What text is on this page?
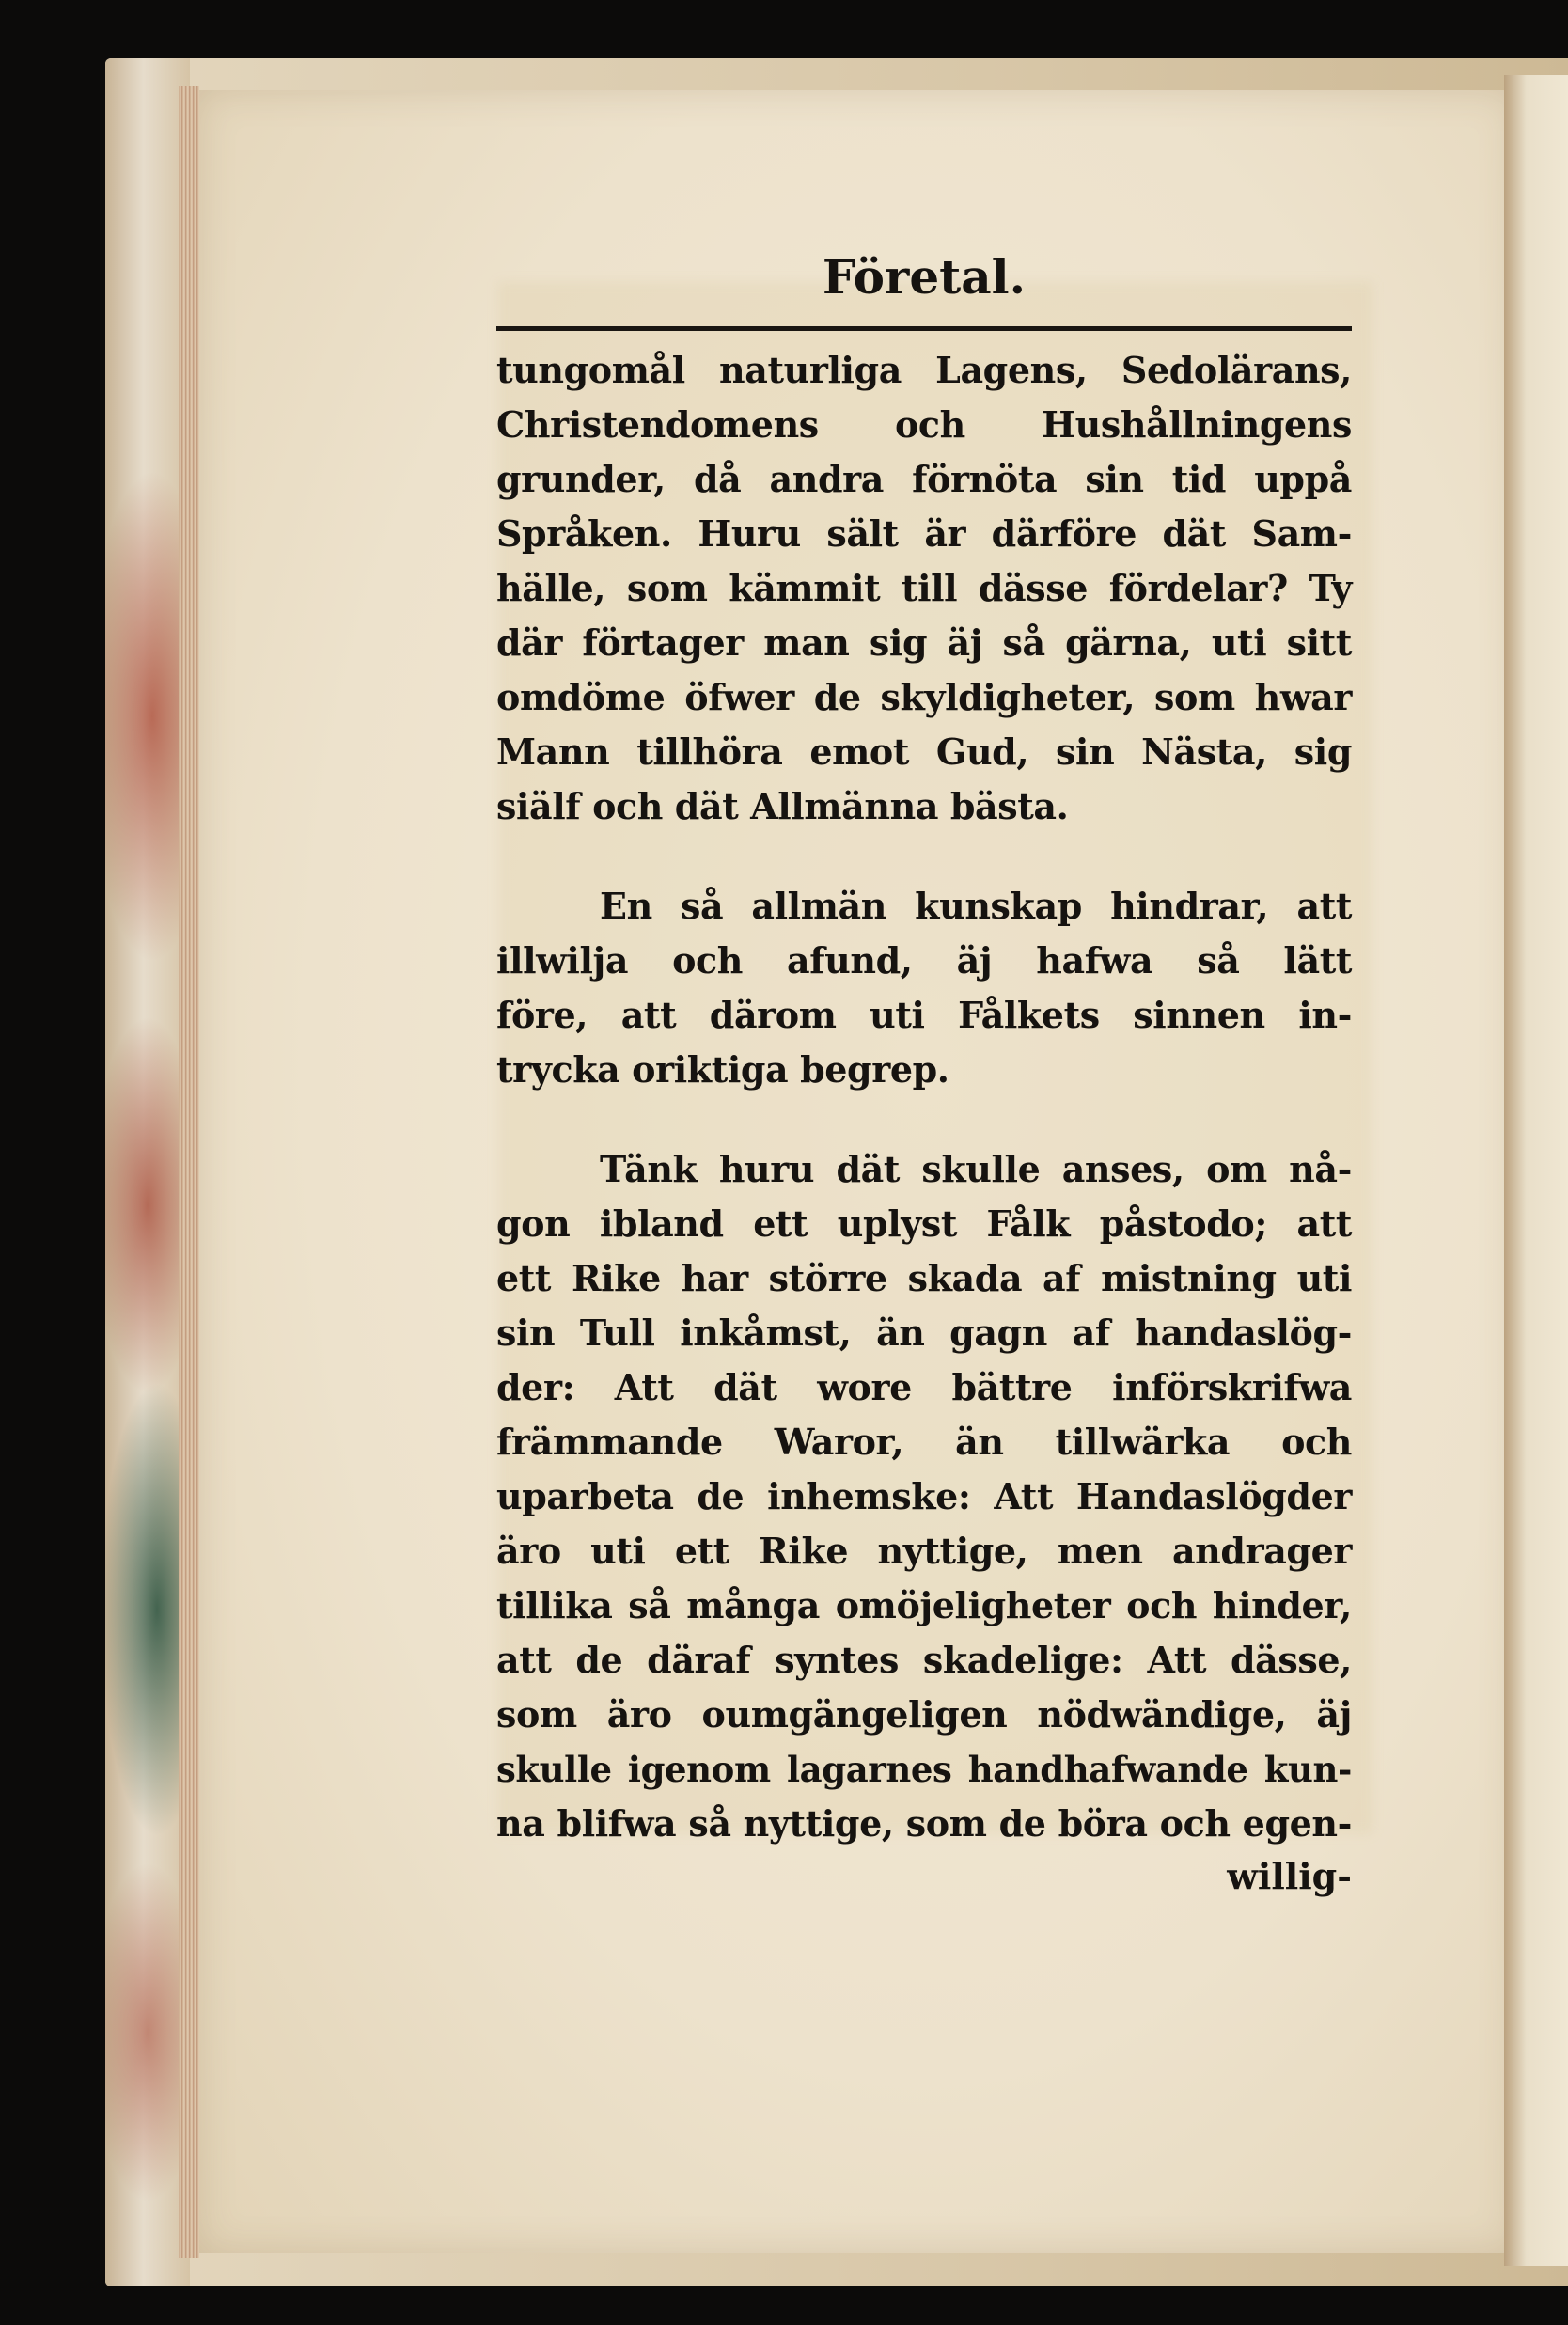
Företal.
tungomål naturliga Lagens, Sedolärans,
Christendomens och Hushållningens
grunder, då andra förnöta sin tid uppå
Språken. Huru sält är därföre dät Sam-
hälle, som kämmit till dässe fördelar? Ty
där förtager man sig äj så gärna, uti sitt
omdöme öfwer de skyldigheter, som hwar
Mann tillhöra emot Gud, sin Nästa, sig
siälf och dät Allmänna bästa.
En så allmän kunskap hindrar, att
illwilja och afund, äj hafwa så lätt
före, att därom uti Fålkets sinnen in-
trycka oriktiga begrep.
Tänk huru dät skulle anses, om nå-
gon ibland ett uplyst Fålk påstodo; att
ett Rike har större skada af mistning uti
sin Tull inkåmst, än gagn af handaslög-
der: Att dät wore bättre införskrifwa
främmande Waror, än tillwärka och
uparbeta de inhemske: Att Handaslögder
äro uti ett Rike nyttige, men andrager
tillika så många omöjeligheter och hinder,
att de däraf syntes skadelige: Att dässe,
som äro oumgängeligen nödwändige, äj
skulle igenom lagarnes handhafwande kun-
na blifwa så nyttige, som de böra och egen-
willig-
